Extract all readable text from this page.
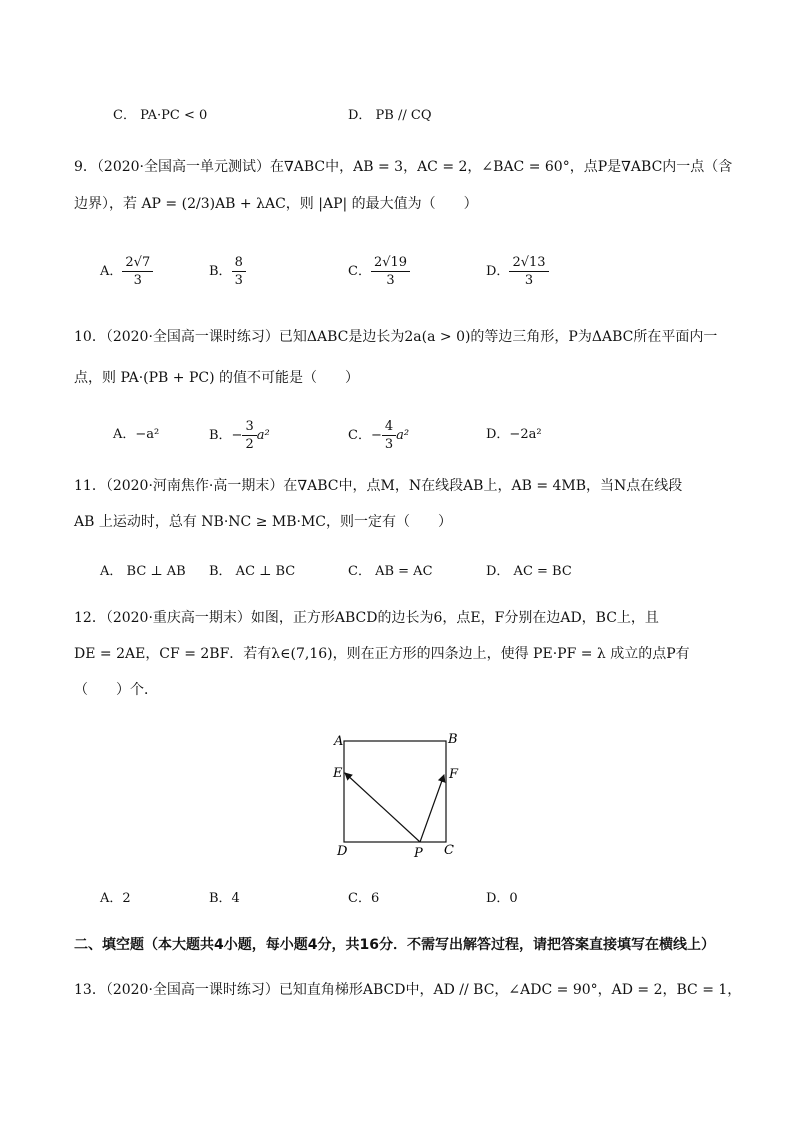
C． PA·PC < 0	D． PB // CQ
9．（2020·全国高一单元测试）在∇ABC中，AB = 3，AC = 2，∠BAC = 60°，点P是∇ABC内一点（含
边界），若 AP = (2/3)AB + λAC，则 |AP| 的最大值为（　　）
A． $\frac{2√7}{3}$	B． $\frac{8}{3}$	C． $\frac{2√19}{3}$	D． $\frac{2√13}{3}$
10．（2020·全国高一课时练习）已知ΔABC是边长为2a(a > 0)的等边三角形，P为ΔABC所在平面内一
点，则 PA·(PB + PC) 的值不可能是（　　）
A．−a²	B．− $\frac{3}{2} a^2$	C．− $\frac{4}{3} a^2$	D．−2a²
11．（2020·河南焦作·高一期末）在∇ABC中，点M，N在线段AB上，AB = 4MB，当N点在线段
AB 上运动时，总有 NB·NC ≥ MB·MC，则一定有（　　）
A． BC ⊥ AB B． AC ⊥ BC	C． AB = AC	D． AC = BC
12．（2020·重庆高一期末）如图，正方形ABCD的边长为6，点E，F分别在边AD，BC上，且
DE = 2AE，CF = 2BF．若有λ∈(7,16)，则在正方形的四条边上，使得 PE·PF = λ 成立的点P有
（　　）个．
A	B
C
D
E	F
P
A．2	B．4	C．6	D．0
二、填空题（本大题共4小题，每小题4分，共16分．不需写出解答过程，请把答案直接填写在横线上）
13．（2020·全国高一课时练习）已知直角梯形ABCD中，AD // BC，∠ADC = 90°，AD = 2，BC = 1，
